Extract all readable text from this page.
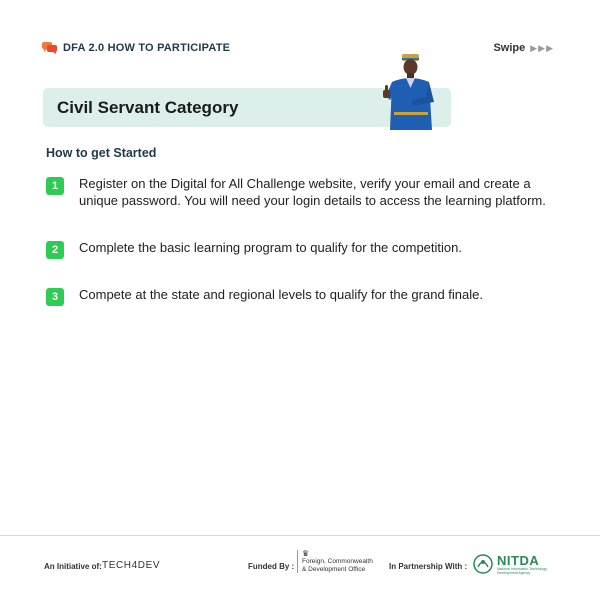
DFA 2.0 HOW TO PARTICIPATE	Swipe ▶▶▶
Civil Servant Category
How to get Started
1	Register on the Digital for All Challenge website, verify your email and create a unique password. You will need your login details to access the learning platform.
2	Complete the basic learning program to qualify for the competition.
3	Compete at the state and regional levels to qualify for the grand finale.
An Initiative of: TECH4DEV	Funded By :
♛
Foreign, Commonwealth
& Development Office	In Partnership With : NITDA
National Information Technology Development Agency
